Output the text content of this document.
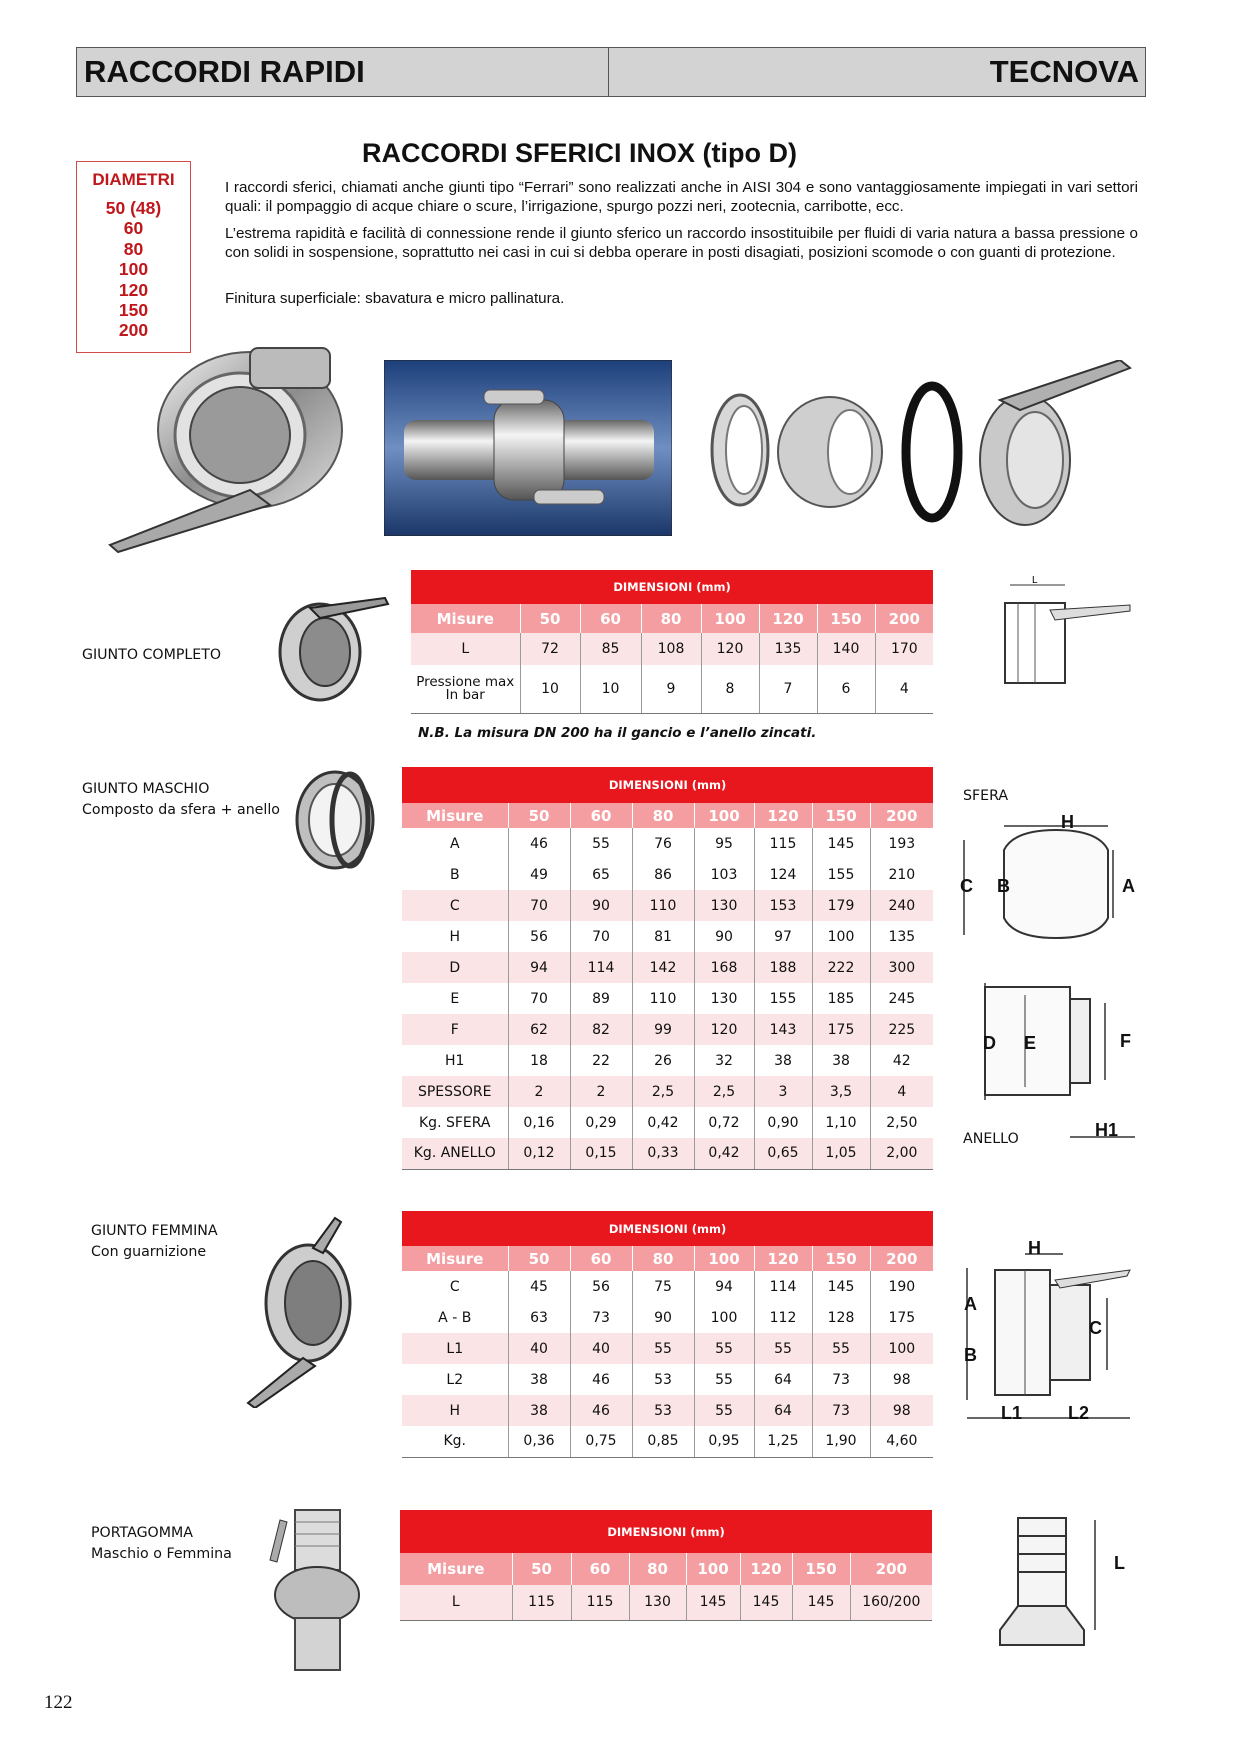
RACCORDI RAPIDI	TECNOVA
RACCORDI SFERICI INOX (tipo D)
DIAMETRI
50 (48)
60
80
100
120
150
200
I raccordi sferici, chiamati anche giunti tipo “Ferrari” sono realizzati anche in AISI 304 e sono vantaggiosamente impiegati in vari settori quali: il pompaggio di acque chiare o scure, l’irrigazione, spurgo pozzi neri, zootecnia, carribotte, ecc.
L’estrema rapidità e facilità di connessione rende il giunto sferico un raccordo insostituibile per fluidi di varia natura a bassa pressione o con solidi in sospensione, soprattutto nei casi in cui si debba operare in posti disagiati, posizioni scomode o con guanti di protezione.
Finitura superficiale: sbavatura e micro pallinatura.
GIUNTO COMPLETO
DIMENSIONI (mm)							
Misure	50	60	80	100	120	150	200
L	72	85	108	120	135	140	170
Pressione max In bar	10	10	9	8	7	6	4
N.B. La misura DN 200 ha il gancio e l’anello zincati.
L
GIUNTO MASCHIO
Composto da sfera + anello
DIMENSIONI (mm)							
Misure	50	60	80	100	120	150	200
A	46	55	76	95	115	145	193
B	49	65	86	103	124	155	210
C	70	90	110	130	153	179	240
H	56	70	81	90	97	100	135
D	94	114	142	168	188	222	300
E	70	89	110	130	155	185	245
F	62	82	99	120	143	175	225
H1	18	22	26	32	38	38	42
SPESSORE	2	2	2,5	2,5	3	3,5	4
Kg. SFERA	0,16	0,29	0,42	0,72	0,90	1,10	2,50
Kg. ANELLO	0,12	0,15	0,33	0,42	0,65	1,05	2,00
SFERA
ANELLO
H
C B	A
D E	F
H1
GIUNTO FEMMINA
Con guarnizione
DIMENSIONI (mm)							
Misure	50	60	80	100	120	150	200
C	45	56	75	94	114	145	190
A - B	63	73	90	100	112	128	175
L1	40	40	55	55	55	55	100
L2	38	46	53	55	64	73	98
H	38	46	53	55	64	73	98
Kg.	0,36	0,75	0,85	0,95	1,25	1,90	4,60
H
A
C
B
L1	L2
PORTAGOMMA
Maschio o Femmina
DIMENSIONI (mm)							
Misure	50	60	80	100	120	150	200
L	115	115	130	145	145	145	160/200
L
122
